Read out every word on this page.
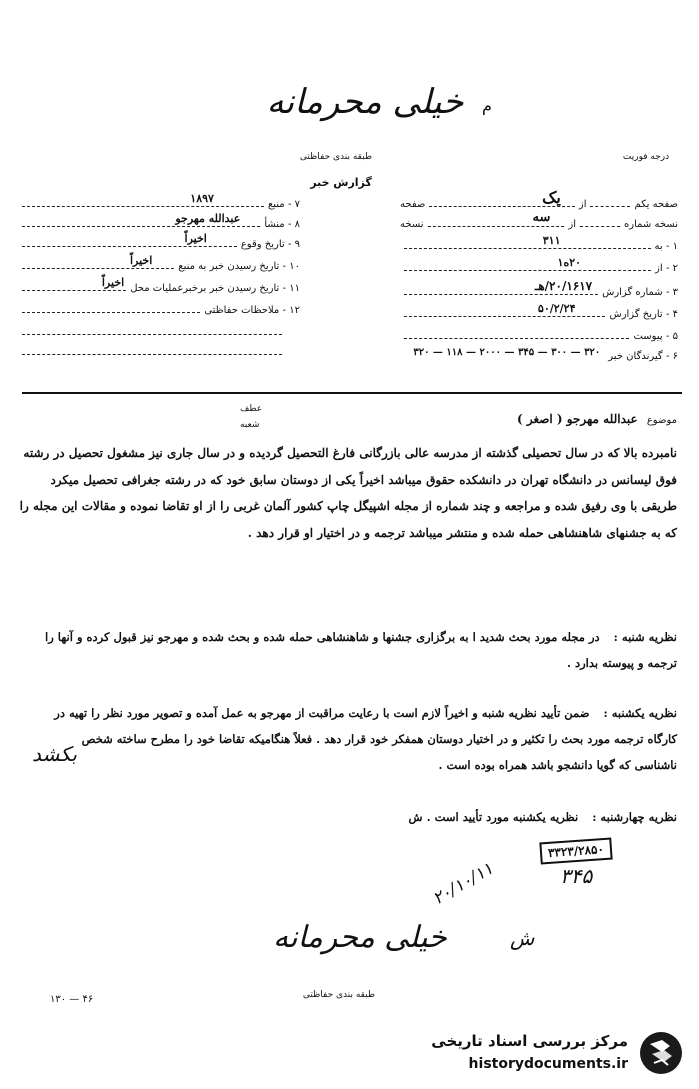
خیلی محرمانه	م
طبقه بندی حفاظتی
گزارش خبر
درجه فوریت
۷ - منبع
۱۸۹۷
۸ - منشأ
عبدالله مهرجو
۹ - تاریخ وقوع
اخیراً
۱۰ - تاریخ رسیدن خبر به منبع
اخیراً
۱۱ - تاریخ رسیدن خبر برخبرعملیات محل
اخیراً
۱۲ - ملاحظات حفاظتی
صفحه یکم
از
یک
صفحه
نسخه شماره
از
سه
نسخه
۱ - به
۳۱۱
۲ - از
۲۰ه۱
۳ - شماره گزارش
۲۰/۱۶۱۷/هـ
۴ - تاریخ گزارش
۵۰/۲/۲۴
۵ - پیوست
۶ - گیرندگان خبر
۳۲۰ — ۳۰۰ — ۳۴۵ — ۲۰۰۰ — ۱۱۸ — ۳۲۰
موضوع عبدالله مهرجو ( اصغر )
عطف
شعبه
نامبرده بالا که در سال تحصیلی گذشته از مدرسه عالی بازرگانی فارغ التحصیل گردیده و در سال جاری نیز مشغول تحصیل در رشته فوق لیسانس در دانشگاه تهران در دانشکده حقوق میباشد اخیراً یکی از دوستان سابق خود که در رشته جغرافی تحصیل میکرد طریقی با وی رفیق شده و مراجعه و چند شماره از مجله اشپیگل چاپ کشور آلمان غربی را از او تقاضا نموده و مقالات این مجله را که به جشنهای شاهنشاهی حمله شده و منتشر میباشد ترجمه و در اختیار او قرار دهد .
نظریه شنبه : در مجله مورد بحث شدید ا به برگزاری جشنها و شاهنشاهی حمله شده و بحث شده و مهرجو نیز قبول کرده و آنها را ترجمه و پیوسته بدارد .
نظریه یکشنبه : ضمن تأیید نظریه شنبه و اخیراً لازم است با رعایت مراقبت از مهرجو به عمل آمده و تصویر مورد نظر را تهیه در کارگاه ترجمه مورد بحث را تکثیر و در اختیار دوستان همفکر خود قرار دهد . فعلاً هنگامیکه تقاضا خود را مطرح ساخته شخص ناشناسی که گویا دانشجو باشد همراه بوده است .
نظریه چهارشنبه : نظریه یکشنبه مورد تأیید است . ش
بکشد
۳۳۲۳/۲۸۵۰
۳۴۵
۲۰/۱۰/۱۱
ش
خیلی محرمانه
طبقه بندی حفاظتی
۴۶ — ۱۳۰
مرکز بررسی اسناد تاریخی
historydocuments.ir
